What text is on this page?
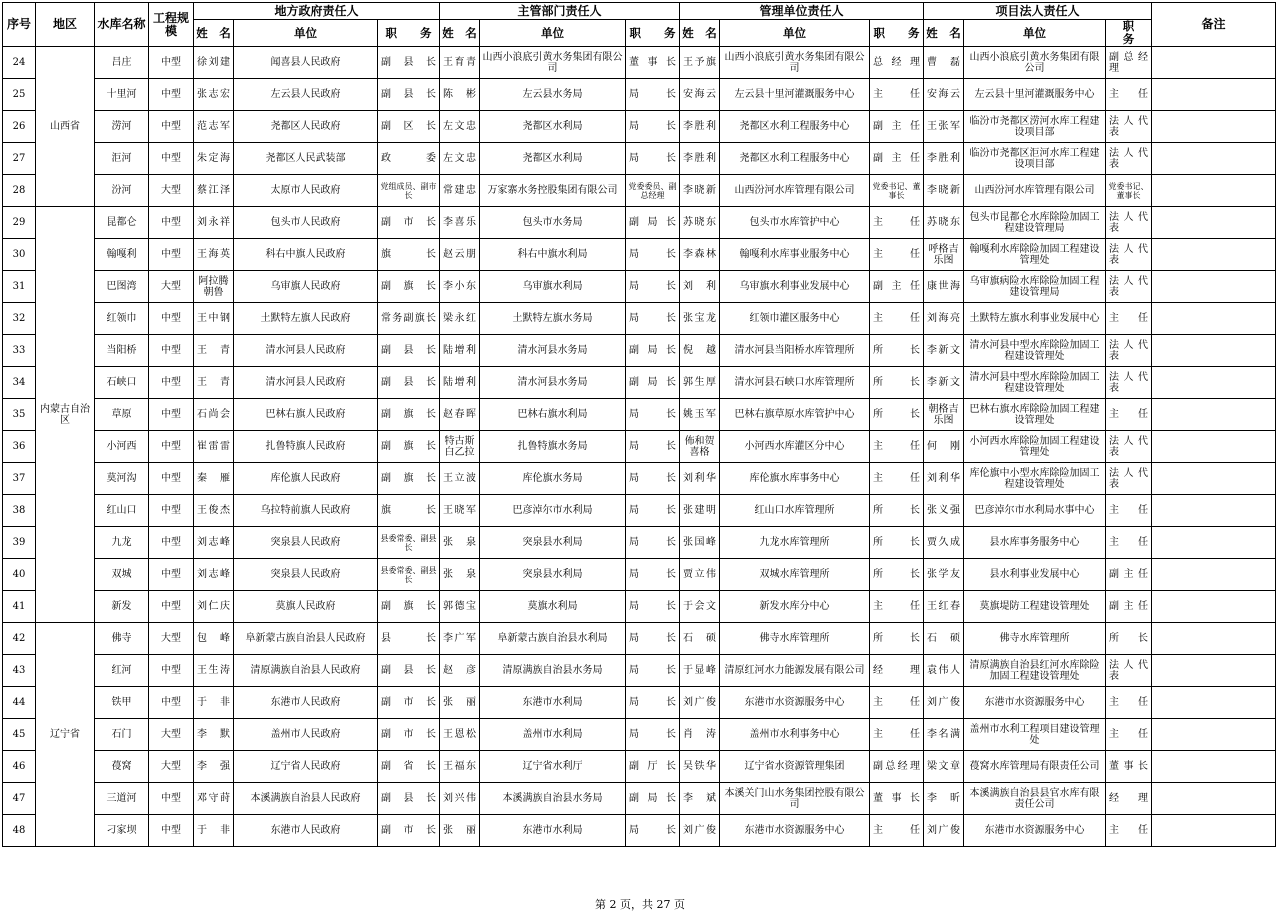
序号	地区	水库名称	工程规模	地方政府责任人			主管部门责任人			管理单位责任人			项目法人责任人			备注
				姓　名	单位	职　　务	姓　名	单位	职　　务	姓　名	单位	职　　务	姓　名	单位	职　　务	
24	山西省	吕庄	中型	徐刘建	闻喜县人民政府	副县长	王育青	山西小浪底引黄水务集团有限公司	董事长	王予旗	山西小浪底引黄水务集团有限公司	总经理	曹　磊	山西小浪底引黄水务集团有限公司	副总经理	
25		十里河	中型	张志宏	左云县人民政府	副县长	陈　彬	左云县水务局	局长	安海云	左云县十里河灌溉服务中心	主任	安海云	左云县十里河灌溉服务中心	主任	
26		涝河	中型	范志军	尧都区人民政府	副区长	左文忠	尧都区水利局	局长	李胜利	尧都区水利工程服务中心	副主任	王张军	临汾市尧都区涝河水库工程建设项目部	法人代表	
27		洰河	中型	朱定海	尧都区人民武装部	政委	左文忠	尧都区水利局	局长	李胜利	尧都区水利工程服务中心	副主任	李胜利	临汾市尧都区洰河水库工程建设项目部	法人代表	
28		汾河	大型	蔡江泽	太原市人民政府	党组成员、副市长	常建忠	万家寨水务控股集团有限公司	党委委员、副总经理	李晓新	山西汾河水库管理有限公司	党委书记、董事长	李晓新	山西汾河水库管理有限公司	党委书记、董事长	
29	内蒙古自治区	昆都仑	中型	刘永祥	包头市人民政府	副市长	李喜乐	包头市水务局	副局长	苏晓东	包头市水库管护中心	主任	苏晓东	包头市昆都仑水库除险加固工程建设管理局	法人代表	
30		翰嘎利	中型	王海英	科右中旗人民政府	旗长	赵云朋	科右中旗水利局	局长	李森林	翰嘎利水库事业服务中心	主任	呼格吉乐图	翰嘎利水库除险加固工程建设管理处	法人代表	
31		巴图湾	大型	阿拉腾朝鲁	乌审旗人民政府	副旗长	李小东	乌审旗水利局	局长	刘　利	乌审旗水利事业发展中心	副主任	康世海	乌审旗病险水库除险加固工程建设管理局	法人代表	
32		红领巾	中型	王中钢	土默特左旗人民政府	常务副旗长	梁永红	土默特左旗水务局	局长	张宝龙	红领巾灌区服务中心	主任	刘海亮	土默特左旗水利事业发展中心	主任	
33		当阳桥	中型	王　青	清水河县人民政府	副县长	陆增利	清水河县水务局	副局长	倪　越	清水河县当阳桥水库管理所	所长	李新文	清水河县中型水库除险加固工程建设管理处	法人代表	
34		石峡口	中型	王　青	清水河县人民政府	副县长	陆增利	清水河县水务局	副局长	郭生厚	清水河县石峡口水库管理所	所长	李新文	清水河县中型水库除险加固工程建设管理处	法人代表	
35		草原	中型	石尚会	巴林右旗人民政府	副旗长	赵春晖	巴林右旗水利局	局长	姚玉军	巴林右旗草原水库管护中心	所长	朝格吉乐图	巴林右旗水库除险加固工程建设管理处	主任	
36		小河西	中型	崔雷雷	扎鲁特旗人民政府	副旗长	特古斯白乙拉	扎鲁特旗水务局	局长	佈和贺喜格	小河西水库灌区分中心	主任	何　刚	小河西水库除险加固工程建设管理处	法人代表	
37		莫河沟	中型	秦　雁	库伦旗人民政府	副旗长	王立波	库伦旗水务局	局长	刘利华	库伦旗水库事务中心	主任	刘利华	库伦旗中小型水库除险加固工程建设管理处	法人代表	
38		红山口	中型	王俊杰	乌拉特前旗人民政府	旗长	王晓军	巴彦淖尔市水利局	局长	张建明	红山口水库管理所	所长	张义强	巴彦淖尔市水利局水事中心	主任	
39		九龙	中型	刘志峰	突泉县人民政府	县委常委、副县长	张　泉	突泉县水利局	局长	张国峰	九龙水库管理所	所长	贾久成	县水库事务服务中心	主任	
40		双城	中型	刘志峰	突泉县人民政府	县委常委、副县长	张　泉	突泉县水利局	局长	贾立伟	双城水库管理所	所长	张学友	县水利事业发展中心	副主任	
41		新发	中型	刘仁庆	莫旗人民政府	副旗长	郭德宝	莫旗水利局	局长	于会文	新发水库分中心	主任	王红春	莫旗堤防工程建设管理处	副主任	
42	辽宁省	佛寺	大型	包　峰	阜新蒙古族自治县人民政府	县长	李广军	阜新蒙古族自治县水利局	局长	石　硕	佛寺水库管理所	所长	石　硕	佛寺水库管理所	所长	
43		红河	中型	王生涛	清原满族自治县人民政府	副县长	赵　彦	清原满族自治县水务局	局长	于显峰	清原红河水力能源发展有限公司	经理	袁伟人	清原满族自治县红河水库除险加固工程建设管理处	法人代表	
44		铁甲	中型	于　非	东港市人民政府	副市长	张　丽	东港市水利局	局长	刘广俊	东港市水资源服务中心	主任	刘广俊	东港市水资源服务中心	主任	
45		石门	大型	李　默	盖州市人民政府	副市长	王恩松	盖州市水利局	局长	肖　涛	盖州市水利事务中心	主任	李名满	盖州市水利工程项目建设管理处	主任	
46		葠窝	大型	李　强	辽宁省人民政府	副省长	王福东	辽宁省水利厅	副厅长	吴铁华	辽宁省水资源管理集团	副总经理	梁文章	葠窝水库管理局有限责任公司	董事长	
47		三道河	中型	邓守莳	本溪满族自治县人民政府	副县长	刘兴伟	本溪满族自治县水务局	副局长	李　斌	本溪关门山水务集团控股有限公司	董事长	李　昕	本溪满族自治县县官水库有限责任公司	经理	
48		刁家坝	中型	于　非	东港市人民政府	副市长	张　丽	东港市水利局	局长	刘广俊	东港市水资源服务中心	主任	刘广俊	东港市水资源服务中心	主任	
第 2 页，共 27 页
